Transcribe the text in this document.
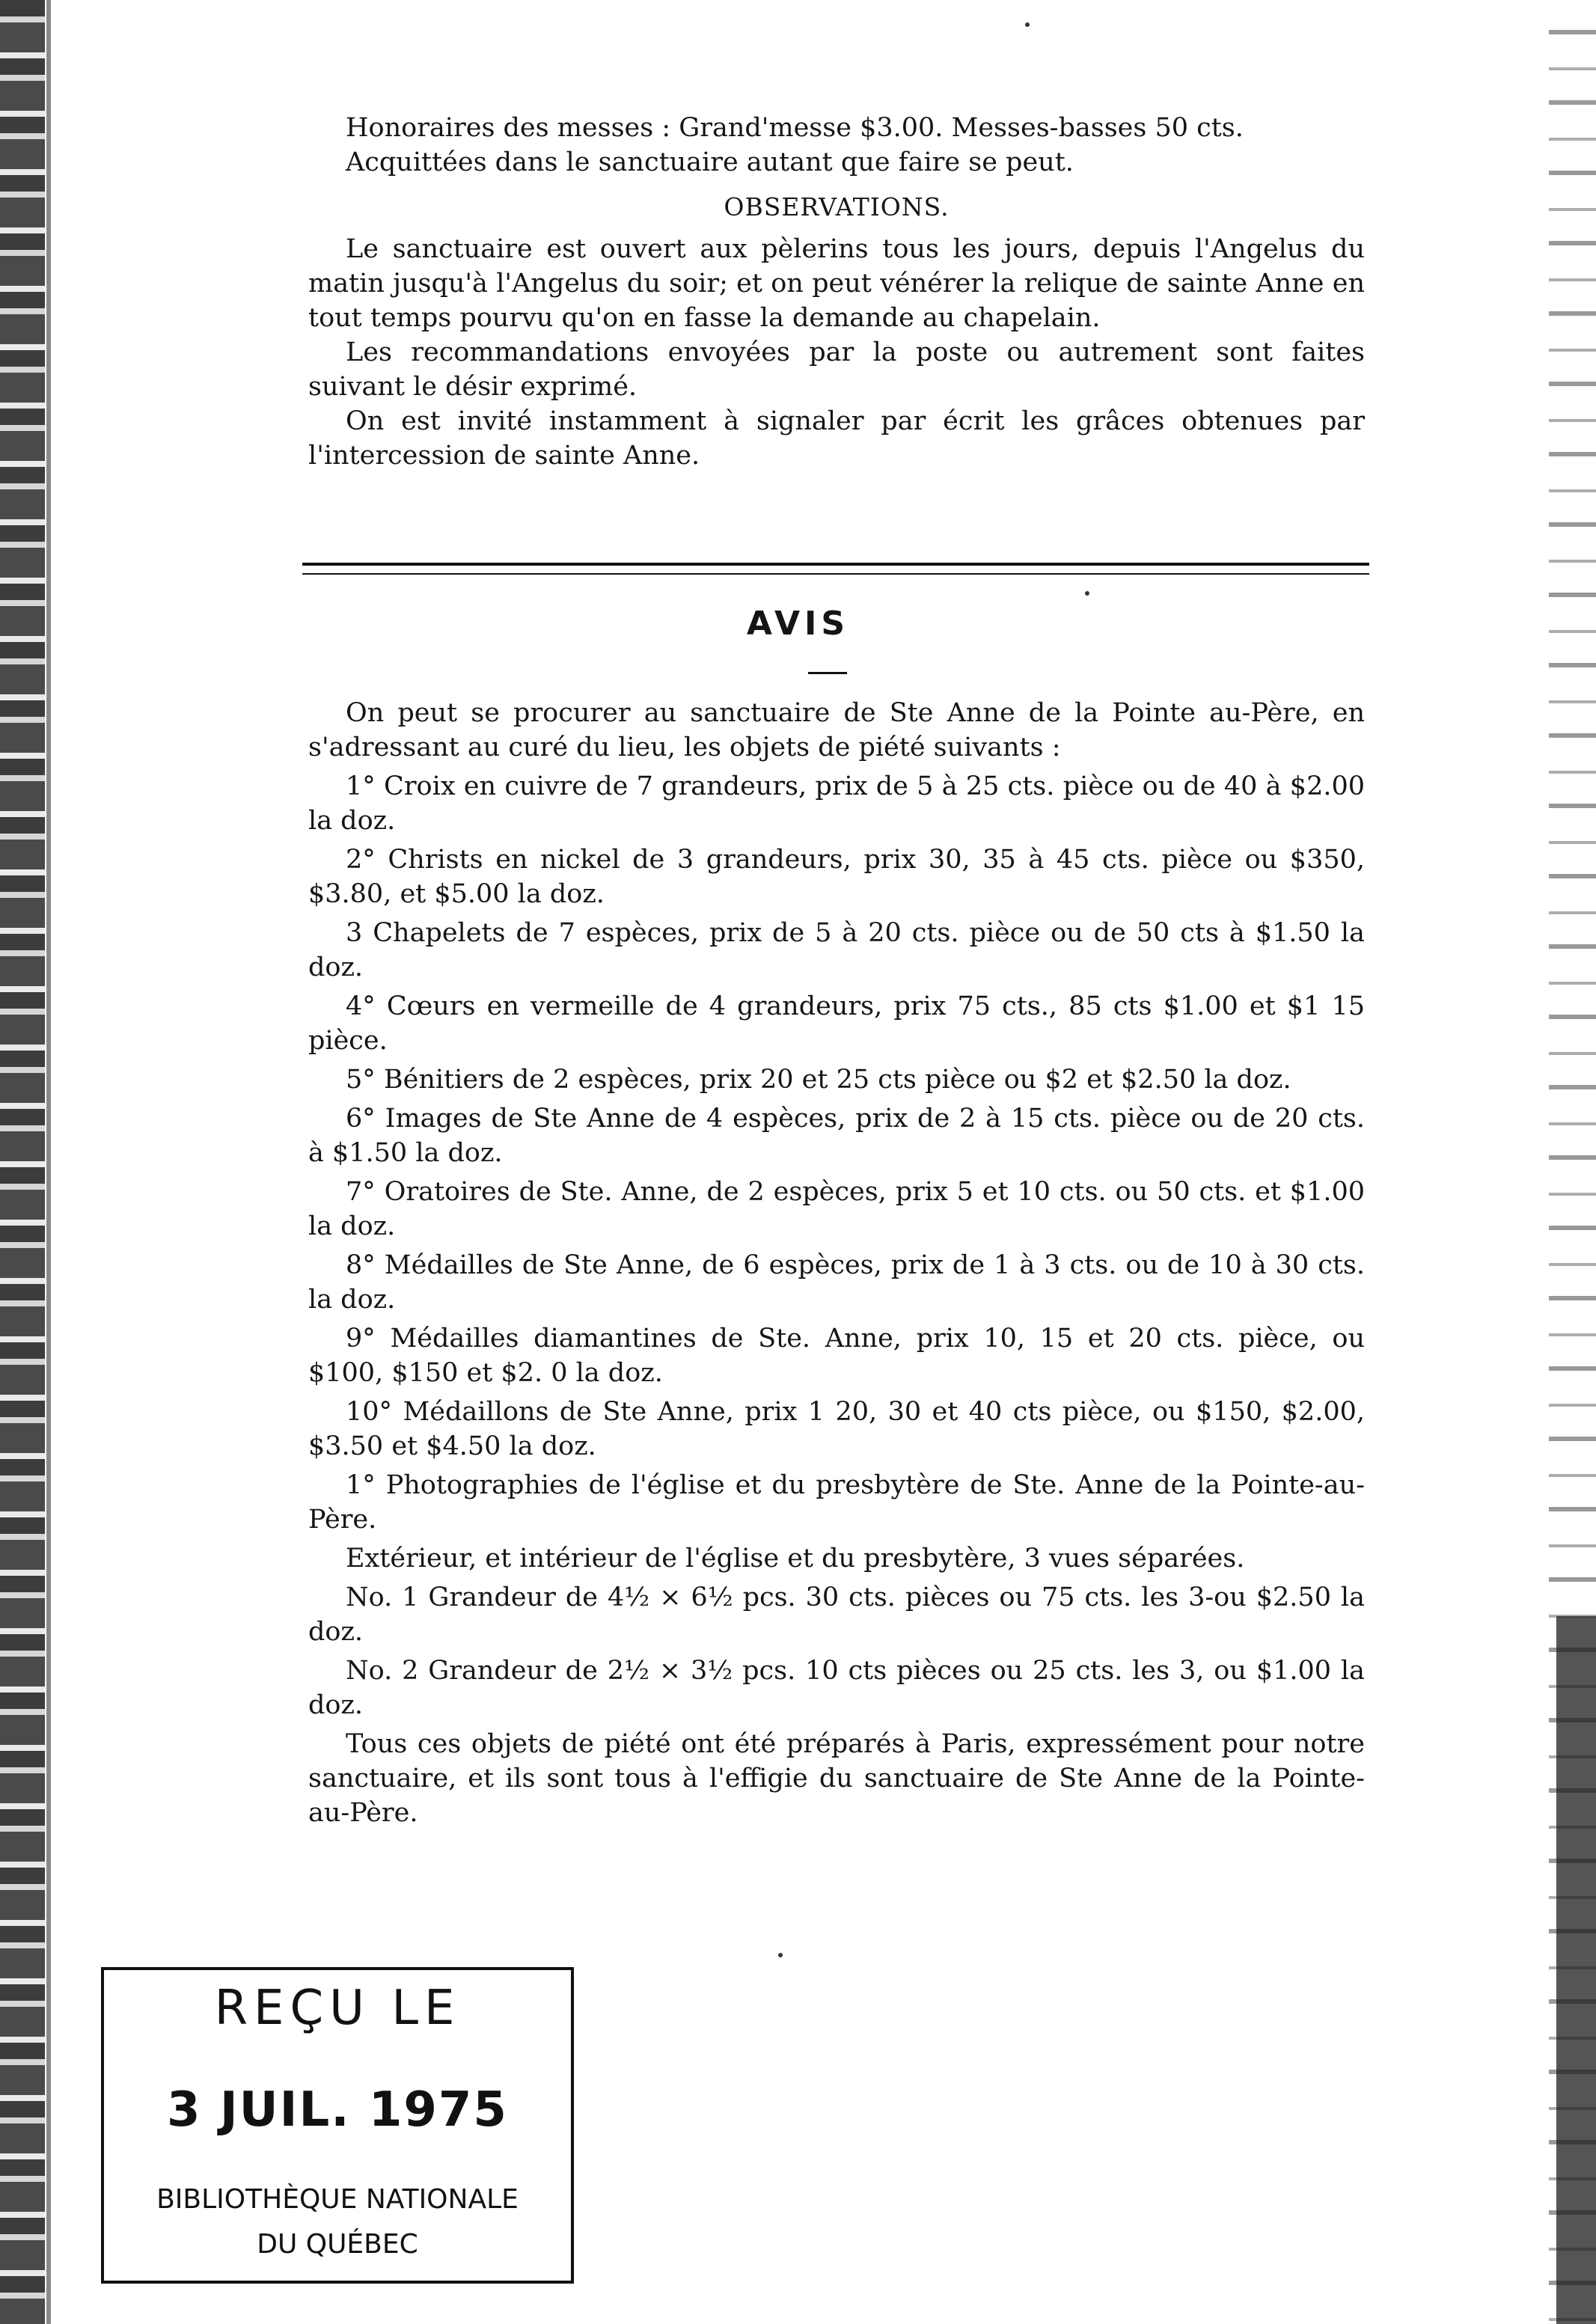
Honoraires des messes : Grand'messe $3.00. Messes-basses 50 cts.

Acquittées dans le sanctuaire autant que faire se peut.

OBSERVATIONS.

Le sanctuaire est ouvert aux pèlerins tous les jours, depuis l'Angelus du matin jusqu'à l'Angelus du soir; et on peut vénérer la relique de sainte Anne en tout temps pourvu qu'on en fasse la demande au chapelain.

Les recommandations envoyées par la poste ou autrement sont faites suivant le désir exprimé.

On est invité instamment à signaler par écrit les grâces obtenues par l'intercession de sainte Anne.

AVIS

On peut se procurer au sanctuaire de Ste Anne de la Pointe au-Père, en s'adressant au curé du lieu, les objets de piété suivants :

1° Croix en cuivre de 7 grandeurs, prix de 5 à 25 cts. pièce ou de 40 à $2.00 la doz.

2° Christs en nickel de 3 grandeurs, prix 30, 35 à 45 cts. pièce ou $350, $3.80, et $5.00 la doz.

3 Chapelets de 7 espèces, prix de 5 à 20 cts. pièce ou de 50 cts à $1.50 la doz.

4° Cœurs en vermeille de 4 grandeurs, prix 75 cts., 85 cts $1.00 et $1 15 pièce.

5° Bénitiers de 2 espèces, prix 20 et 25 cts pièce ou $2 et $2.50 la doz.

6° Images de Ste Anne de 4 espèces, prix de 2 à 15 cts. pièce ou de 20 cts. à $1.50 la doz.

7° Oratoires de Ste. Anne, de 2 espèces, prix 5 et 10 cts. ou 50 cts. et $1.00 la doz.

8° Médailles de Ste Anne, de 6 espèces, prix de 1 à 3 cts. ou de 10 à 30 cts. la doz.

9° Médailles diamantines de Ste. Anne, prix 10, 15 et 20 cts. pièce, ou $100, $150 et $2. 0 la doz.

10° Médaillons de Ste Anne, prix 1 20, 30 et 40 cts pièce, ou $150, $2.00, $3.50 et $4.50 la doz.

1° Photographies de l'église et du presbytère de Ste. Anne de la Pointe-au-Père.

Extérieur, et intérieur de l'église et du presbytère, 3 vues séparées.

No. 1 Grandeur de 4½ × 6½ pcs. 30 cts. pièces ou 75 cts. les 3-ou $2.50 la doz.

No. 2 Grandeur de 2½ × 3½ pcs. 10 cts pièces ou 25 cts. les 3, ou $1.00 la doz.

Tous ces objets de piété ont été préparés à Paris, expressément pour notre sanctuaire, et ils sont tous à l'effigie du sanctuaire de Ste Anne de la Pointe-au-Père.

REÇU LE
3 JUIL. 1975
BIBLIOTHÈQUE NATIONALE
DU QUÉBEC
